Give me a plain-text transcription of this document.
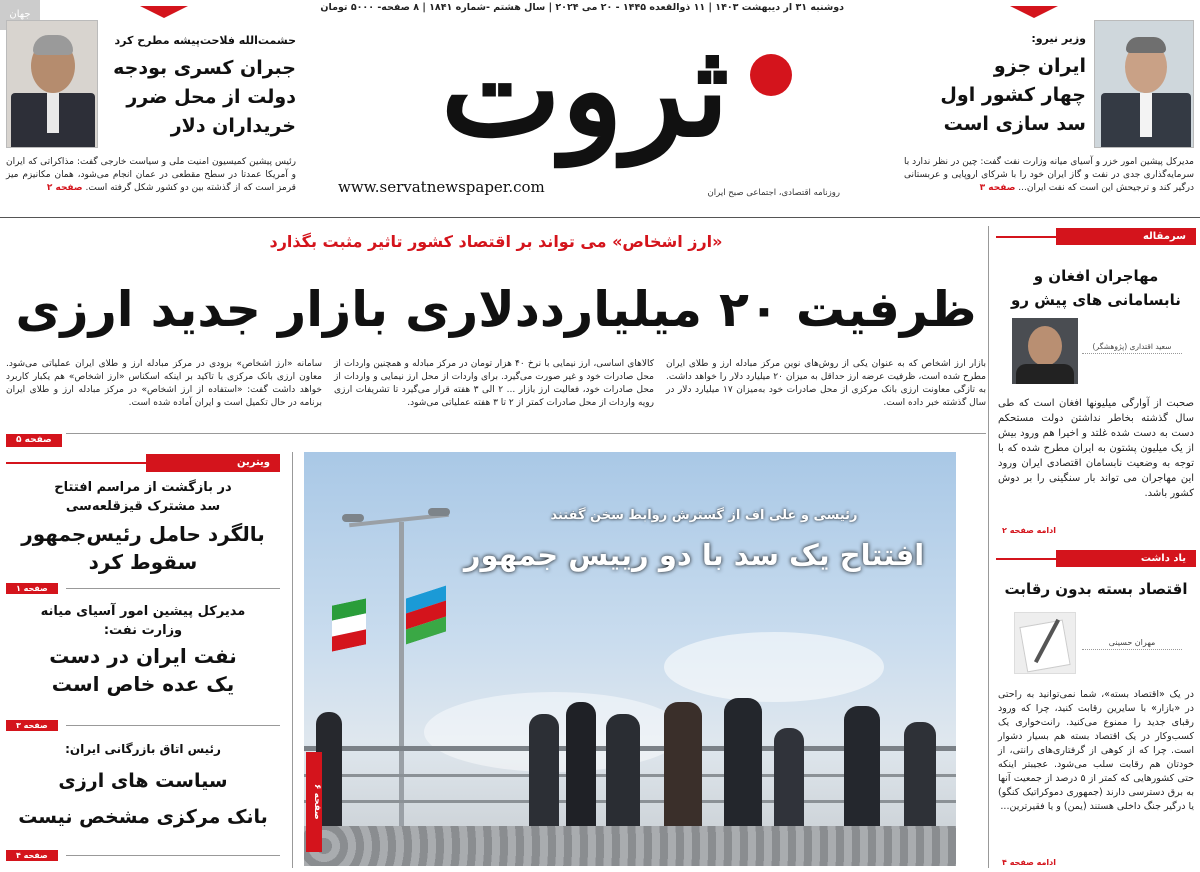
دوشنبه ۳۱ ار دیبهشت ۱۴۰۳ | ۱۱ ذوالقعده ۱۴۴۵ - ۲۰ می ۲۰۲۴ | سال هشتم -شماره ۱۸۴۱ | ۸ صفحه- ۵۰۰۰ تومان
جهان
ثروت
www.servatnewspaper.com	روزنامه اقتصادی، اجتماعی صبح ایران
حشمت‌الله فلاحت‌پیشه مطرح کرد
جبران کسری بودجه
دولت از محل ضرر
خریداران دلار
رئیس پیشین کمیسیون امنیت ملی و سیاست خارجی گفت: مذاکراتی که ایران و آمریکا عمدتا در سطح مقطعی در عمان انجام می‌شود، همان مکانیزم میز قرمز است که از گذشته بین دو کشور شکل گرفته است. صفحه ۲
وزیر نیرو:
ایران جزو
چهار کشور اول
سد سازی است
مدیرکل پیشین امور خزر و آسیای میانه وزارت نفت گفت: چین در نظر ندارد با سرمایه‌گذاری جدی در نفت و گاز ایران خود را با شرکای اروپایی و عربستانی درگیر کند و ترجیحش این است که نفت ایران... صفحه ۳
«ارز اشخاص» می تواند بر اقتصاد کشور تاثیر مثبت بگذارد
ظرفیت ۲۰ میلیارددلاری بازار جدید ارزی
بازار ارز اشخاص که به عنوان یکی از روش‌های نوین مرکز مبادله ارز و طلای ایران مطرح شده است، ظرفیت عرضه ارز حداقل به میزان ۲۰ میلیارد دلار را خواهد داشت. به تازگی معاونت ارزی بانک مرکزی از محل صادرات خود به‌میزان ۱۷ میلیارد دلار در سال گذشته خبر داده است.
کالاهای اساسی، ارز نیمایی با نرخ ۴۰ هزار تومان در مرکز مبادله و همچنین واردات از محل صادرات خود و غیر صورت می‌گیرد. برای واردات از محل ارز نیمایی و واردات از محل صادرات خود، فعالیت ارز بازار ... ۲ الی ۳ هفته قرار می‌گیرد تا تشریفات ارزی رویه واردات از محل صادرات کمتر از ۲ تا ۳ هفته عملیاتی می‌شود.
سامانه «ارز اشخاص» بزودی در مرکز مبادله ارز و طلای ایران عملیاتی می‌شود. معاون ارزی بانک مرکزی با تاکید بر اینکه اسکناس «ارز اشخاص» هم یکبار کاربرد خواهد داشت گفت: «استفاده از ارز اشخاص» در مرکز مبادله ارز و طلای ایران برنامه در حال تکمیل است و ایران آماده شده است.
صفحه ۵
ویترین
در بازگشت از مراسم افتتاح
سد مشترک قیزقلعه‌سی
بالگرد حامل رئیس‌جمهور
سقوط کرد
صفحه ۱
مدیرکل پیشین امور آسیای میانه
وزارت نفت:
نفت ایران در دست
یک عده خاص است
صفحه ۳
رئیس اتاق بازرگانی ایران:
سیاست های ارزی
بانک مرکزی مشخص نیست
صفحه ۴
رئیسی و علی اف از گسترش روابط سخن گفتند
افتتاح یک سد با دو رییس جمهور
صفحه ۶
سرمقاله
مهاجران افغان و
نابسامانی های پیش رو
سعید اقتداری (پژوهشگر)
صحبت از آوارگی میلیونها افغان است که طی سال گذشته بخاطر نداشتن دولت مستحکم دست به دست شده غلتد و اخیرا هم ورود بیش از یک میلیون پشتون به ایران مطرح شده که با توجه به وضعیت نابسامان اقتصادی ایران ورود این مهاجران می تواند بار سنگینی را بر دوش کشور باشد.
ادامه صفحه ۲
یاد داشت
اقتصاد بسته بدون رقابت
مهران حسینی
در یک «اقتصاد بسته»، شما نمی‌توانید به راحتی در «بازار» با سایرین رقابت کنید، چرا که ورود رقبای جدید را ممنوع می‌کنید. رانت‌خواری یک کسب‌وکار در یک اقتصاد بسته هم بسیار دشوار است. چرا که از کوهی از گرفتاری‌های رانتی، از خودتان هم رقابت سلب می‌شود. عجیبتر اینکه حتی کشورهایی که کمتر از ۵ درصد از جمعیت آنها به برق دسترسی دارند (جمهوری دموکراتیک کنگو) یا درگیر جنگ داخلی هستند (یمن) و یا فقیرترین...
ادامه صفحه ۴
